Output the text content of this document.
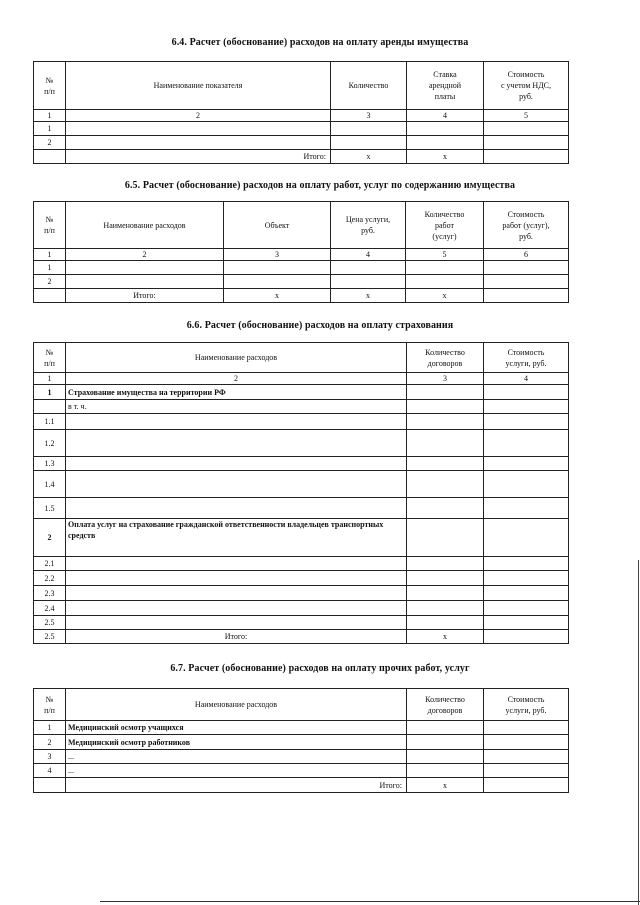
6.4. Расчет (обоснование) расходов на оплату аренды имущества
№
п/п	Наименование показателя	Количество	Ставка
арендной
платы	Стоимость
с учетом НДС,
руб.
1	2	3	4	5
1				
2				
	Итого:	x	x	
6.5. Расчет (обоснование) расходов на оплату работ, услуг по содержанию имущества
№
п/п	Наименование расходов	Объект	Цена услуги,
руб.	Количество
работ
(услуг)	Стоимость
работ (услуг),
руб.
1	2	3	4	5	6
1					
2					
	Итого:	x	x	x	
6.6. Расчет (обоснование) расходов на оплату страхования
№
п/п	Наименование расходов	Количество
договоров	Стоимость
услуги, руб.
1	2	3	4
1	Страхование имущества на территории РФ		
	в т. ч.		
1.1			
1.2			
1.3			
1.4			
1.5			
2	Оплата услуг на страхование гражданской ответственности владельцев транспортных средств		
2.1			
2.2			
2.3			
2.4			
2.5			
2.5	Итого:	x	
6.7. Расчет (обоснование) расходов на оплату прочих работ, услуг
№
п/п	Наименование расходов	Количество
договоров	Стоимость
услуги, руб.
1	Медицинский осмотр учащихся		
2	Медицинский осмотр работников		
3	...		
4	...		
	Итого:	x	
